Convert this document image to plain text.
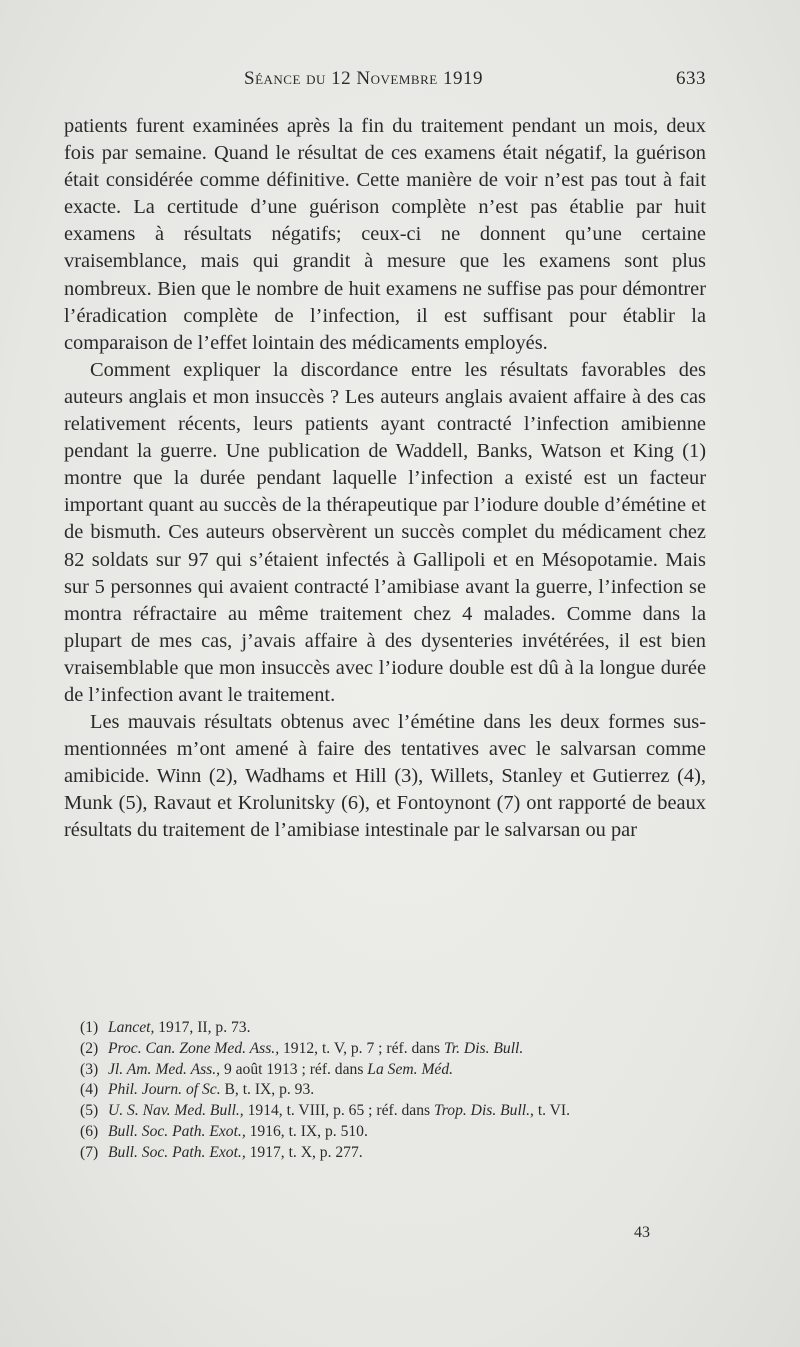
Séance du 12 Novembre 1919	633

patients furent examinées après la fin du traitement pendant un mois, deux fois par semaine. Quand le résultat de ces examens était négatif, la guérison était considérée comme définitive. Cette manière de voir n’est pas tout à fait exacte. La certitude d’une guérison complète n’est pas établie par huit examens à résultats négatifs; ceux-ci ne donnent qu’une certaine vraisemblance, mais qui grandit à mesure que les examens sont plus nombreux. Bien que le nombre de huit examens ne suffise pas pour démontrer l’éradication complète de l’infection, il est suffisant pour établir la comparaison de l’effet lointain des médicaments employés.

Comment expliquer la discordance entre les résultats favorables des auteurs anglais et mon insuccès ? Les auteurs anglais avaient affaire à des cas relativement récents, leurs patients ayant contracté l’infection amibienne pendant la guerre. Une publication de Waddell, Banks, Watson et King (1) montre que la durée pendant laquelle l’infection a existé est un facteur important quant au succès de la thérapeutique par l’iodure double d’émétine et de bismuth. Ces auteurs observèrent un succès complet du médicament chez 82 soldats sur 97 qui s’étaient infectés à Gallipoli et en Mésopotamie. Mais sur 5 personnes qui avaient contracté l’amibiase avant la guerre, l’infection se montra réfractaire au même traitement chez 4 malades. Comme dans la plupart de mes cas, j’avais affaire à des dysenteries invétérées, il est bien vraisemblable que mon insuccès avec l’iodure double est dû à la longue durée de l’infection avant le traitement.

Les mauvais résultats obtenus avec l’émétine dans les deux formes sus-mentionnées m’ont amené à faire des tentatives avec le salvarsan comme amibicide. Winn (2), Wadhams et Hill (3), Willets, Stanley et Gutierrez (4), Munk (5), Ravaut et Krolunitsky (6), et Fontoynont (7) ont rapporté de beaux résultats du traitement de l’amibiase intestinale par le salvarsan ou par

(1) Lancet, 1917, II, p. 73.

(2) Proc. Can. Zone Med. Ass., 1912, t. V, p. 7 ; réf. dans Tr. Dis. Bull.

(3) Jl. Am. Med. Ass., 9 août 1913 ; réf. dans La Sem. Méd.

(4) Phil. Journ. of Sc. B, t. IX, p. 93.

(5) U. S. Nav. Med. Bull., 1914, t. VIII, p. 65 ; réf. dans Trop. Dis. Bull., t. VI.

(6) Bull. Soc. Path. Exot., 1916, t. IX, p. 510.

(7) Bull. Soc. Path. Exot., 1917, t. X, p. 277.

43
